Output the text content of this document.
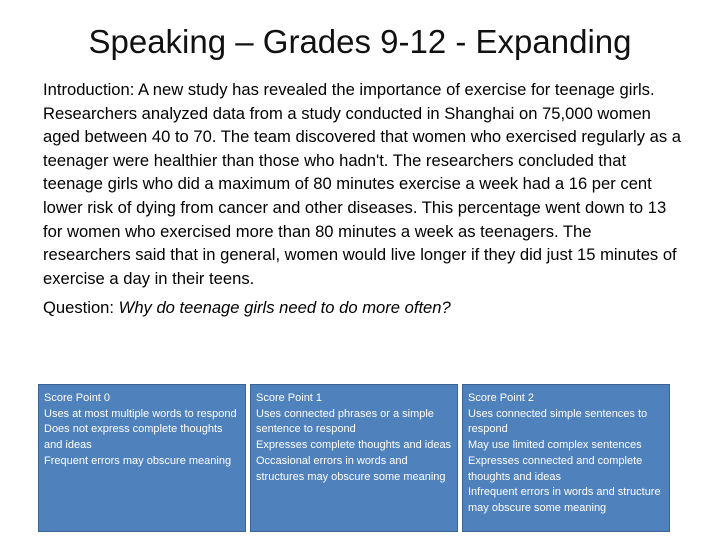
Speaking – Grades 9-12 - Expanding

Introduction: A new study has revealed the importance of exercise for teenage girls. Researchers analyzed data from a study conducted in Shanghai on 75,000 women aged between 40 to 70. The team discovered that women who exercised regularly as a teenager were healthier than those who hadn't. The researchers concluded that teenage girls who did a maximum of 80 minutes exercise a week had a 16 per cent lower risk of dying from cancer and other diseases. This percentage went down to 13 for women who exercised more than 80 minutes a week as teenagers. The researchers said that in general, women would live longer if they did just 15 minutes of exercise a day in their teens.

Question: Why do teenage girls need to do more often?

Score Point 0
Uses at most multiple words to respond
Does not express complete thoughts and ideas
Frequent errors may obscure meaning
Score Point 1
Uses connected phrases or a simple sentence to respond
Expresses complete thoughts and ideas
Occasional errors in words and structures may obscure some meaning
Score Point 2
Uses connected simple sentences to respond
May use limited complex sentences
Expresses connected and complete thoughts and ideas
Infrequent errors in words and structure may obscure some meaning
